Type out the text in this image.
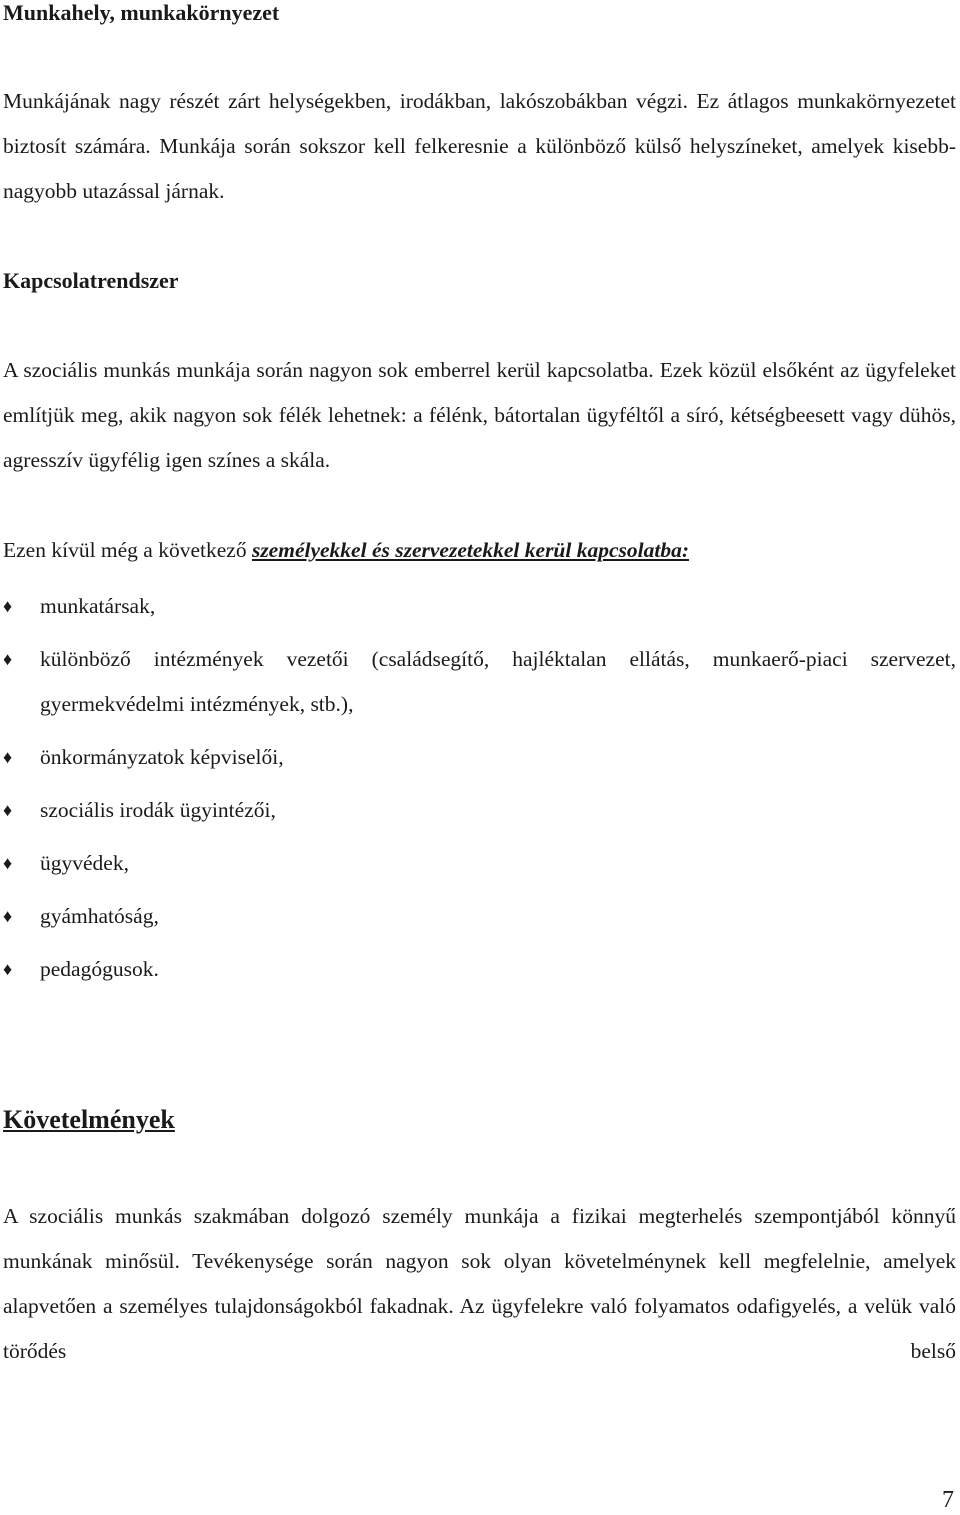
Munkahely, munkakörnyezet

Munkájának nagy részét zárt helységekben, irodákban, lakószobákban végzi. Ez átlagos munkakörnyezetet biztosít számára. Munkája során sokszor kell felkeresnie a különböző külső helyszíneket, amelyek kisebb-nagyobb utazással járnak.

Kapcsolatrendszer

A szociális munkás munkája során nagyon sok emberrel kerül kapcsolatba. Ezek közül elsőként az ügyfeleket említjük meg, akik nagyon sok félék lehetnek: a félénk, bátortalan ügyféltől a síró, kétségbeesett vagy dühös, agresszív ügyfélig igen színes a skála.

Ezen kívül még a következő személyekkel és szervezetekkel kerül kapcsolatba:

♦ munkatársak,
♦ különböző intézmények vezetői (családsegítő, hajléktalan ellátás, munkaerő-piaci szervezet, gyermekvédelmi intézmények, stb.),
♦ önkormányzatok képviselői,
♦ szociális irodák ügyintézői,
♦ ügyvédek,
♦ gyámhatóság,
♦ pedagógusok.
Követelmények

A szociális munkás szakmában dolgozó személy munkája a fizikai megterhelés szempontjából könnyű munkának minősül. Tevékenysége során nagyon sok olyan követelménynek kell megfelelnie, amelyek alapvetően a személyes tulajdonságokból fakadnak. Az ügyfelekre való folyamatos odafigyelés, a velük való törődés belső

7
